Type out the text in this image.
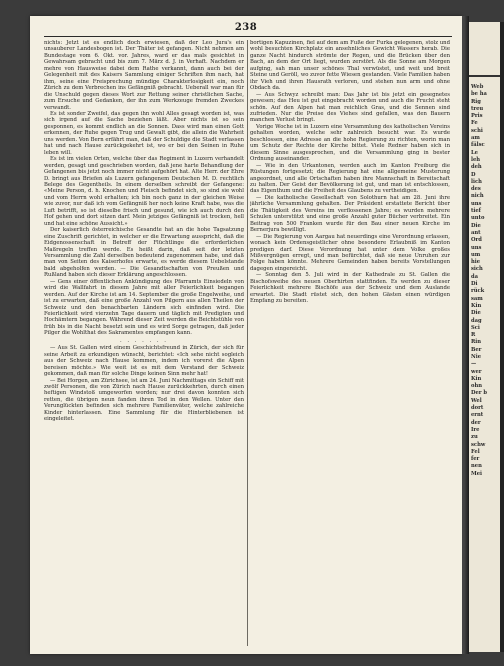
238

nichts: Jetzt ist es endlich doch erwiesen, daß der Leo Jura's ein unsauberer Landesbogen ist. Der Thäter ist gefangen. Nicht nehmen am Bundestage vom 6. Okt. vor. Jahres, ward er das mals gesichtet in Gewahrsam gebracht und bis zum 7. März d. J. in Verhaft. Nachdem er mehre von Hausweise dabei dem Rathe verkannt, dann auch bei der Gelegenheit mit des Kaisers Sammlung einiger Schriften ihm nach, hat ihm, seine eine Freisprechung mündige Charakterlosigkeit ein, noch Zürich zu dem Verbrechen ins Gefängniß gebracht. Ueberall war man für die Unschuld gegen dieses Wort zur Rettung seiner christlichen Sache, zum Ersuche und Gedanken, der ihn zum Werkzeuge fremden Zweckes verwandt.

Es ist sonder Zweifel, das gegen ihn wohl Alles gesagt worden ist, was sich irgend auf die Sache beziehen läßt. Aber nichts ist so sein gesponnen, es kommt endlich an die Sonnen. Dass wird man einen Gott erkennen, der Ruhe gegen Trug und Gewalt gibt, die allein die Wahrheit uns werden. Von Bern erfährt man, daß der Schuldige die Stadt verlassen hat und nach Hause zurückgekehrt ist, wo er bei den Seinen in Ruhe leben will.

Es ist im vielen Orten, welche über das Regiment in Luzern verhandelt werden, gesagt und geschrieben worden, daß jene harte Behandlung der Gefangenen bis jetzt noch immer nicht aufgehört hat. Alte Herr. der Ehre D. bringt aus Briefen als Luzern gefangenem Deutschen M. D. rechtlich Belege des Gegentheils. In einem derselben schreibt der Gefangene: «Meine Person, d. h. Knochen und Fleisch befindet sich, so sind sie wohl und vom Herrn wohl erhalten; ich bin noch ganz in der gleichen Weise wie zuvor, nur daß ich vom Gefängniß her noch keine Kraft habe, was die Luft betrifft, so ist dieselbe frisch und gesund, wie ich auch durch den Hof gehen und dort sitzen darf. Mein jetziges Gefängniß ist trocken, hell und hat eine schöne Aussicht.»

Der kaiserlich österreichische Gesandte hat an die hohe Tagsatzung eine Zuschrift gerichtet, in welcher er die Erwartung ausspricht, daß die Eidgenossenschaft in Betreff der Flüchtlinge die erforderlichen Maßregeln treffen werde. Es heißt darin, daß seit der letzten Versammlung die Zahl derselben bedeutend zugenommen habe, und daß man von Seiten des Kaiserhofes erwarte, es werde diesem Uebelstande bald abgeholfen werden. — Die Gesandtschaften von Preußen und Rußland haben sich dieser Erklärung angeschlossen.

— Gens einer öffentlichen Ankündigung des Pfarramts Einsiedeln von wird die Wallfahrt in diesem Jahre mit aller Feierlichkeit begangen werden. Auf der Kirche ist am 14. September die große Engelweihe, und ist zu erwarten, daß eine große Anzahl von Pilgern aus allen Theilen der Schweiz und den benachbarten Ländern sich einfinden wird. Die Feierlichkeit wird vierzehn Tage dauern und täglich mit Predigten und Hochämtern begangen. Während dieser Zeit werden die Beichtstühle von früh bis in die Nacht besetzt sein und es wird Sorge getragen, daß jeder Pilger die Wohlthat des Sakramentes empfangen kann.

. . . . . . .

— Aus St. Gallen wird einem Geschichtsfreund in Zürich, der sich für seine Arbeit zu erkundigen wünscht, berichtet: «Ich sehe nicht sogleich aus der Schweiz nach Hause kommen, indem ich vorerst die Alpen bereisen möchte.» Wie weit ist es mit dem Verstand der Schweiz gekommen, daß man für solche Dinge keinen Sinn mehr hat!

— Bei Horgen, am Zürichsee, ist am 24. Juni Nachmittags ein Schiff mit zwölf Personen, die von Zürich nach Hause zurückkehrten, durch einen heftigen Windstoß umgeworfen worden; nur drei davon konnten sich retten, die übrigen neun fanden ihren Tod in den Wellen. Unter den Verunglückten befinden sich mehrere Familienväter, welche zahlreiche Kinder hinterlassen. Eine Sammlung für die Hinterbliebenen ist eingeleitet.

bortigen Kapuzinen, fiel auf dem am Fuße der Furka gelegenen, stolz und wohl besuchten Kirchplatz ein ansehnliches Gewicht Wassers herab. Die ganze Nacht hindurch strömte der Regen, und die Brücken über den Bach, an dem der Ort liegt, wurden zerstört. Als die Sonne am Morgen aufging, sah man unser schönes Thal verwüstet, und weit und breit Steine und Geröll, wo zuvor fette Wiesen gestanden. Viele Familien haben ihr Vieh und ihren Hausrath verloren, und stehen nun arm und ohne Obdach da.

— Aus Schwyz schreibt man: Das Jahr ist bis jetzt ein gesegnetes gewesen; das Heu ist gut eingebracht worden und auch die Frucht steht schön. Auf den Alpen hat man reichlich Gras, und die Sennen sind zufrieden. Nur die Preise des Viehes sind gefallen, was den Bauern manchen Verlust bringt.

Vorige Woche ist in Luzern eine Versammlung des katholischen Vereins gehalten worden, welche sehr zahlreich besucht war. Es wurde beschlossen, eine Adresse an die hohe Regierung zu richten, worin man um Schutz der Rechte der Kirche bittet. Viele Redner haben sich in diesem Sinne ausgesprochen, und die Versammlung ging in bester Ordnung auseinander.

— Wie in den Urkantonen, werden auch im Kanton Freiburg die Rüstungen fortgesetzt; die Regierung hat eine allgemeine Musterung angeordnet, und alle Ortschaften haben ihre Mannschaft in Bereitschaft zu halten. Der Geist der Bevölkerung ist gut, und man ist entschlossen, das Eigenthum und die Freiheit des Glaubens zu vertheidigen.

— Die katholische Gesellschaft von Solothurn hat am 28. Juni ihre jährliche Versammlung gehalten. Der Präsident erstattete Bericht über die Thätigkeit des Vereins im verflossenen Jahre; es wurden mehrere Schulen unterstützt und eine große Anzahl guter Bücher verbreitet. Ein Beitrag von 500 Franken wurde für den Bau einer neuen Kirche im Bernerjura bewilligt.

— Die Regierung von Aargau hat neuerdings eine Verordnung erlassen, wonach kein Ordensgeistlicher ohne besondere Erlaubniß im Kanton predigen darf. Diese Verordnung hat unter dem Volke großes Mißvergnügen erregt, und man befürchtet, daß sie neue Unruhen zur Folge haben könnte. Mehrere Gemeinden haben bereits Vorstellungen dagegen eingereicht.

— Sonntag den 5. Juli wird in der Kathedrale zu St. Gallen die Bischofsweihe des neuen Oberhirten stattfinden. Es werden zu dieser Feierlichkeit mehrere Bischöfe aus der Schweiz und dem Auslande erwartet. Die Stadt rüstet sich, den hohen Gästen einen würdigen Empfang zu bereiten.

Web
be ha
Rig
treu
Pris
Fe
schi
am
fälsc
Le
leh
deh
D
lich
des
nich
uns
tief
unto
Die
ant
Ord
uns
um
hie
sich
da
Di
rück
sam
Kin
Die
dag
Sci
R
Rin
Ber
Nie
—
wer
Kin
ohn
Der b
Wel
dort
ernt
der
Ire
zu
schw
Fel
fer
nen
Mei
